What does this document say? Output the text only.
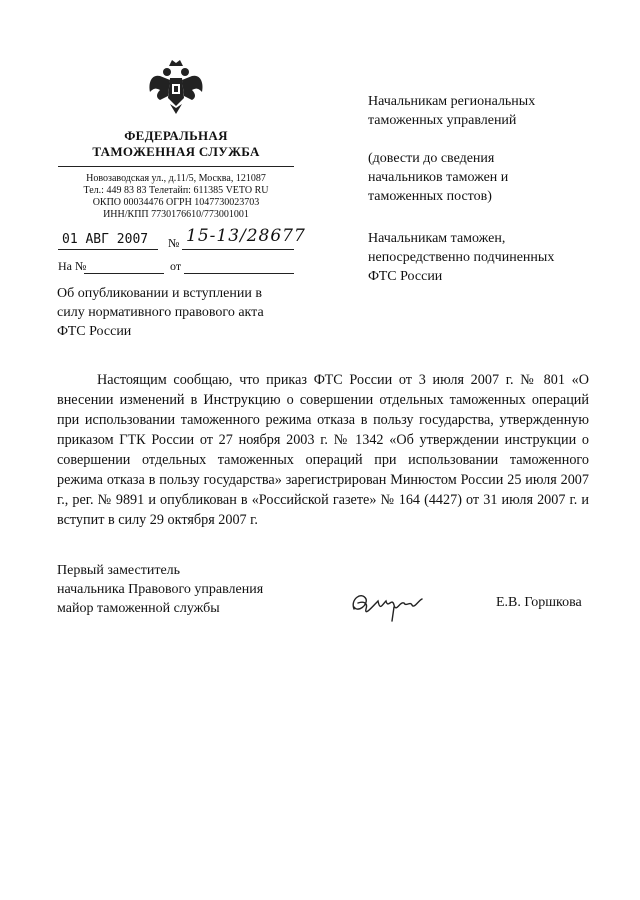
ФЕДЕРАЛЬНАЯ
ТАМОЖЕННАЯ СЛУЖБА
Новозаводская ул., д.11/5, Москва, 121087
Тел.: 449 83 83 Телетайп: 611385 VETO RU
ОКПО 00034476 ОГРН 1047730023703
ИНН/КПП 7730176610/773001001
01 АВГ 2007 № 15-13/28677
На №	от
Начальникам региональных
таможенных управлений
(довести до сведения
начальников таможен и
таможенных постов)
Начальникам таможен,
непосредственно подчиненных
ФТС России
Об опубликовании и вступлении в
силу нормативного правового акта
ФТС России
Настоящим сообщаю, что приказ ФТС России от 3 июля 2007 г. № 801 «О внесении изменений в Инструкцию о совершении отдельных таможенных операций при использовании таможенного режима отказа в пользу государства, утвержденную приказом ГТК России от 27 ноября 2003 г. № 1342 «Об утверждении инструкции о совершении отдельных таможенных операций при использовании таможенного режима отказа в пользу государства» зарегистрирован Минюстом России 25 июля 2007 г., рег. № 9891 и опубликован в «Российской газете» № 164 (4427) от 31 июля 2007 г. и вступит в силу 29 октября 2007 г.
Первый заместитель
начальника Правового управления
майор таможенной службы	Е.В. Горшкова
